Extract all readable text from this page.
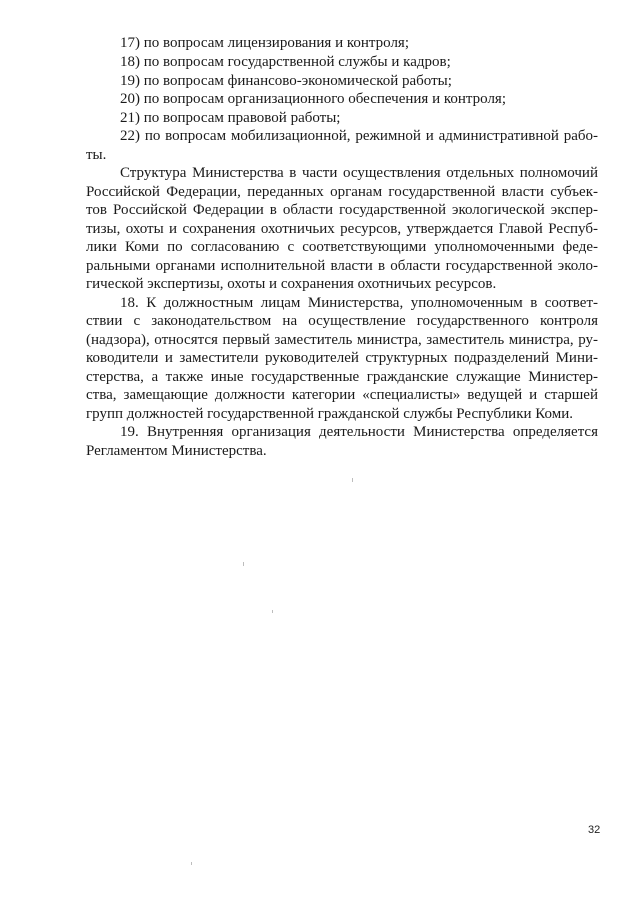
17) по вопросам лицензирования и контроля;
18) по вопросам государственной службы и кадров;
19) по вопросам финансово-экономической работы;
20) по вопросам организационного обеспечения и контроля;
21) по вопросам правовой работы;
22) по вопросам мобилизационной, режимной и административной рабо-
ты.
Структура Министерства в части осуществления отдельных полномочий
Российской Федерации, переданных органам государственной власти субъек-
тов Российской Федерации в области государственной экологической экспер-
тизы, охоты и сохранения охотничьих ресурсов, утверждается Главой Респуб-
лики Коми по согласованию с соответствующими уполномоченными феде-
ральными органами исполнительной власти в области государственной эколо-
гической экспертизы, охоты и сохранения охотничьих ресурсов.
18. К должностным лицам Министерства, уполномоченным в соответ-
ствии с законодательством на осуществление государственного контроля
(надзора), относятся первый заместитель министра, заместитель министра, ру-
ководители и заместители руководителей структурных подразделений Мини-
стерства, а также иные государственные гражданские служащие Министер-
ства, замещающие должности категории «специалисты» ведущей и старшей
групп должностей государственной гражданской службы Республики Коми.
19. Внутренняя организация деятельности Министерства определяется
Регламентом Министерства.
32
